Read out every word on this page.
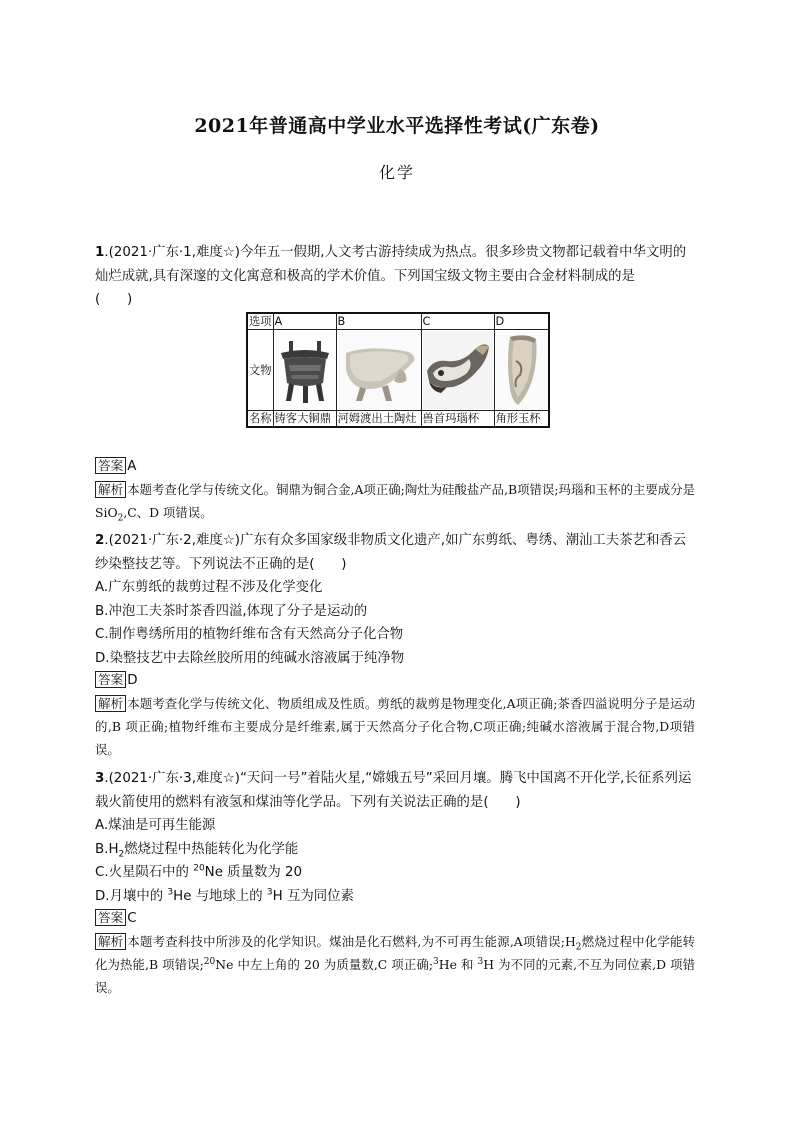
2021年普通高中学业水平选择性考试(广东卷)
化学

1.(2021·广东·1,难度☆)今年五一假期,人文考古游持续成为热点。很多珍贵文物都记载着中华文明的灿烂成就,具有深邃的文化寓意和极高的学术价值。下列国宝级文物主要由合金材料制成的是
(　　)

选项	A	B	C	D
文物	

名称	铸客大铜鼎	河姆渡出土陶灶	兽首玛瑙杯	角形玉杯

答案 A

解析 本题考查化学与传统文化。铜鼎为铜合金,A项正确;陶灶为硅酸盐产品,B项错误;玛瑙和玉杯的主要成分是 SiO$_2$,C、D 项错误。

2.(2021·广东·2,难度☆)广东有众多国家级非物质文化遗产,如广东剪纸、粤绣、潮汕工夫茶艺和香云纱染整技艺等。下列说法不正确的是(　　)

A.广东剪纸的裁剪过程不涉及化学变化

B.冲泡工夫茶时茶香四溢,体现了分子是运动的

C.制作粤绣所用的植物纤维布含有天然高分子化合物

D.染整技艺中去除丝胶所用的纯碱水溶液属于纯净物

答案 D

解析 本题考查化学与传统文化、物质组成及性质。剪纸的裁剪是物理变化,A项正确;茶香四溢说明分子是运动的,B 项正确;植物纤维布主要成分是纤维素,属于天然高分子化合物,C项正确;纯碱水溶液属于混合物,D项错误。

3.(2021·广东·3,难度☆)“天问一号”着陆火星,“嫦娥五号”采回月壤。腾飞中国离不开化学,长征系列运载火箭使用的燃料有液氢和煤油等化学品。下列有关说法正确的是(　　)

A.煤油是可再生能源

$B.H_2$燃烧过程中热能转化为化学能

C.火星陨石中的 $^{20}$Ne 质量数为 20

D.月壤中的 $^3$He 与地球上的 $^3$H 互为同位素

答案 C

解析 本题考查科技中所涉及的化学知识。煤油是化石燃料,为不可再生能源,A项错误$;H_2$燃烧过程中化学能转化为热能,B 项错误;$^{20}$Ne 中左上角的 20 为质量数,C 项正确;$^3$He 和 $^3$H 为不同的元素,不互为同位素,D 项错误。
